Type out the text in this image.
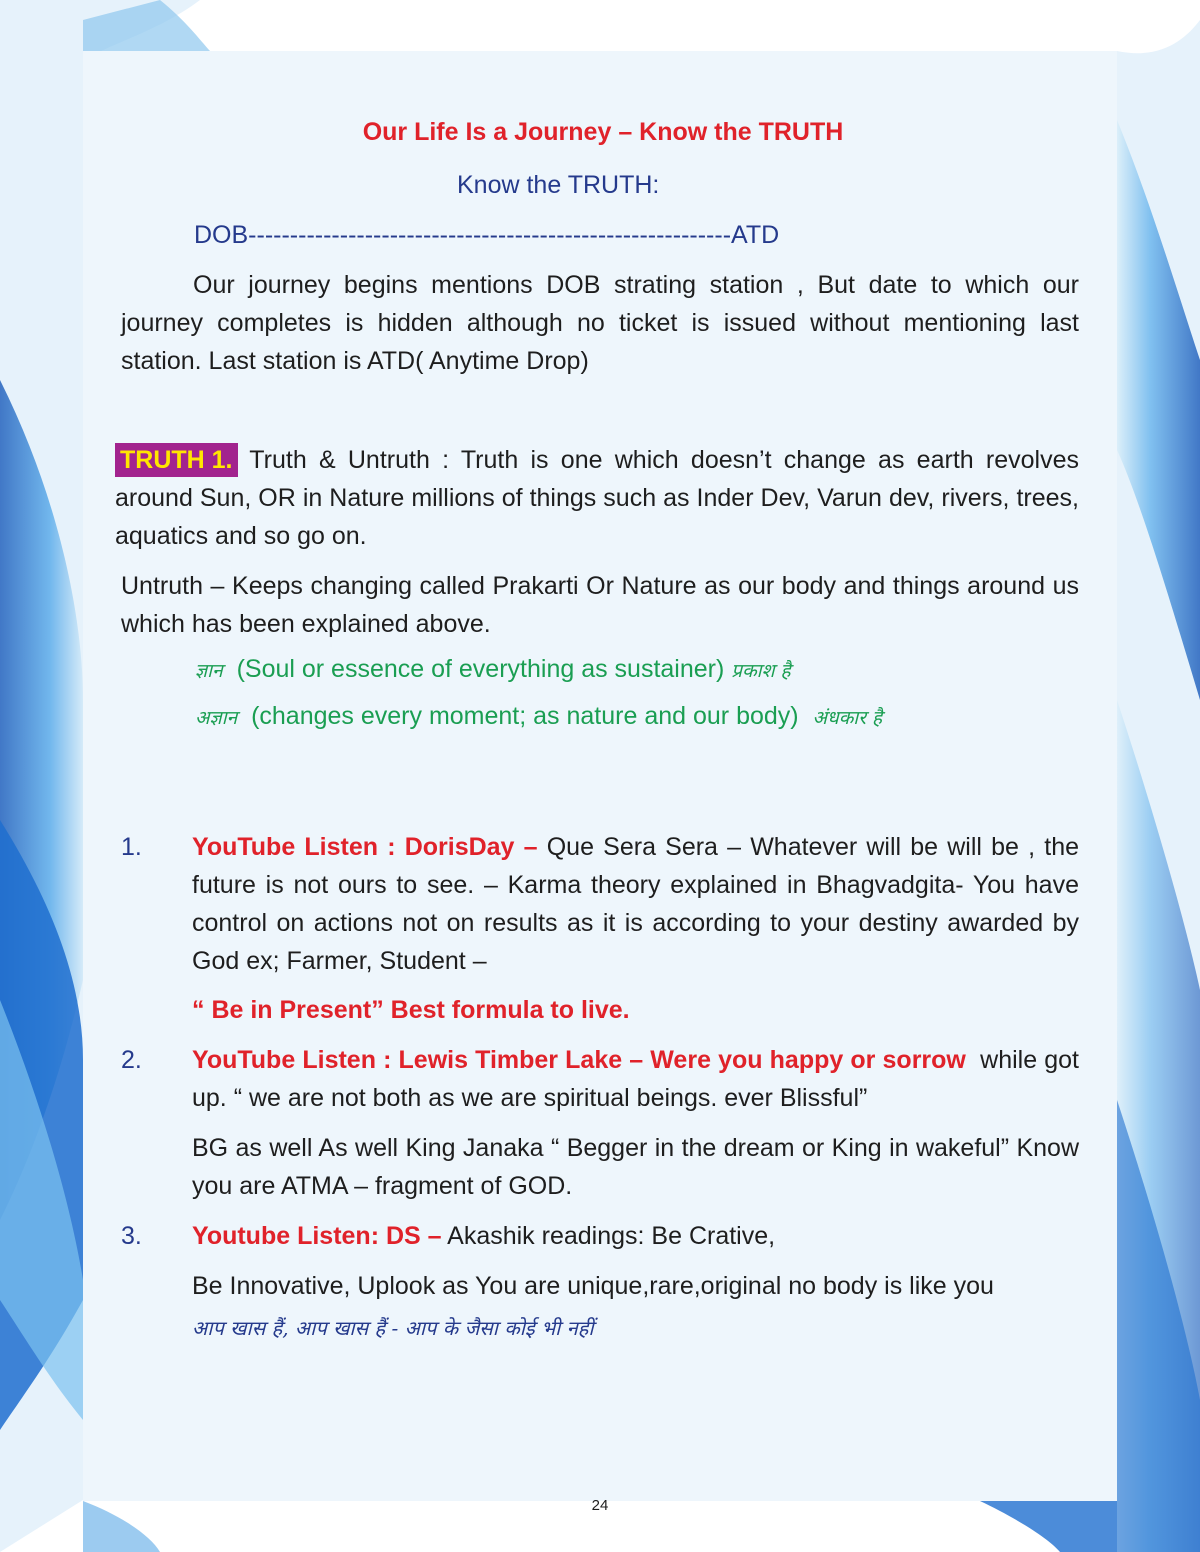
Our Life Is a Journey – Know the TRUTH

Know the TRUTH:

DOB----------------------------------------------------------ATD

Our journey begins mentions DOB strating station , But date to which our journey completes is hidden although no ticket is issued without mentioning last station. Last station is ATD( Anytime Drop)

TRUTH 1. Truth & Untruth : Truth is one which doesn’t change as earth revolves around Sun, OR in Nature millions of things such as Inder Dev, Varun dev, rivers, trees, aquatics and so go on.

Untruth – Keeps changing called Prakarti Or Nature as our body and things around us which has been explained above.

ज्ञान (Soul or essence of everything as sustainer) प्रकाश है

अज्ञान (changes every moment; as nature and our body) अंधकार है

1. YouTube Listen : DorisDay – Que Sera Sera – Whatever will be will be , the future is not ours to see. – Karma theory explained in Bhagvadgita- You have control on actions not on results as it is according to your destiny awarded by God ex; Farmer, Student –

“ Be in Present” Best formula to live.

2. YouTube Listen : Lewis Timber Lake – Were you happy or sorrow while got up. “ we are not both as we are spiritual beings. ever Blissful”

BG as well As well King Janaka “ Begger in the dream or King in wakeful” Know you are ATMA – fragment of GOD.

3. Youtube Listen: DS – Akashik readings: Be Crative,

Be Innovative, Uplook as You are unique,rare,original no body is like you

आप खास हैं, आप खास हैं - आप के जैसा कोई भी नहीं

24
